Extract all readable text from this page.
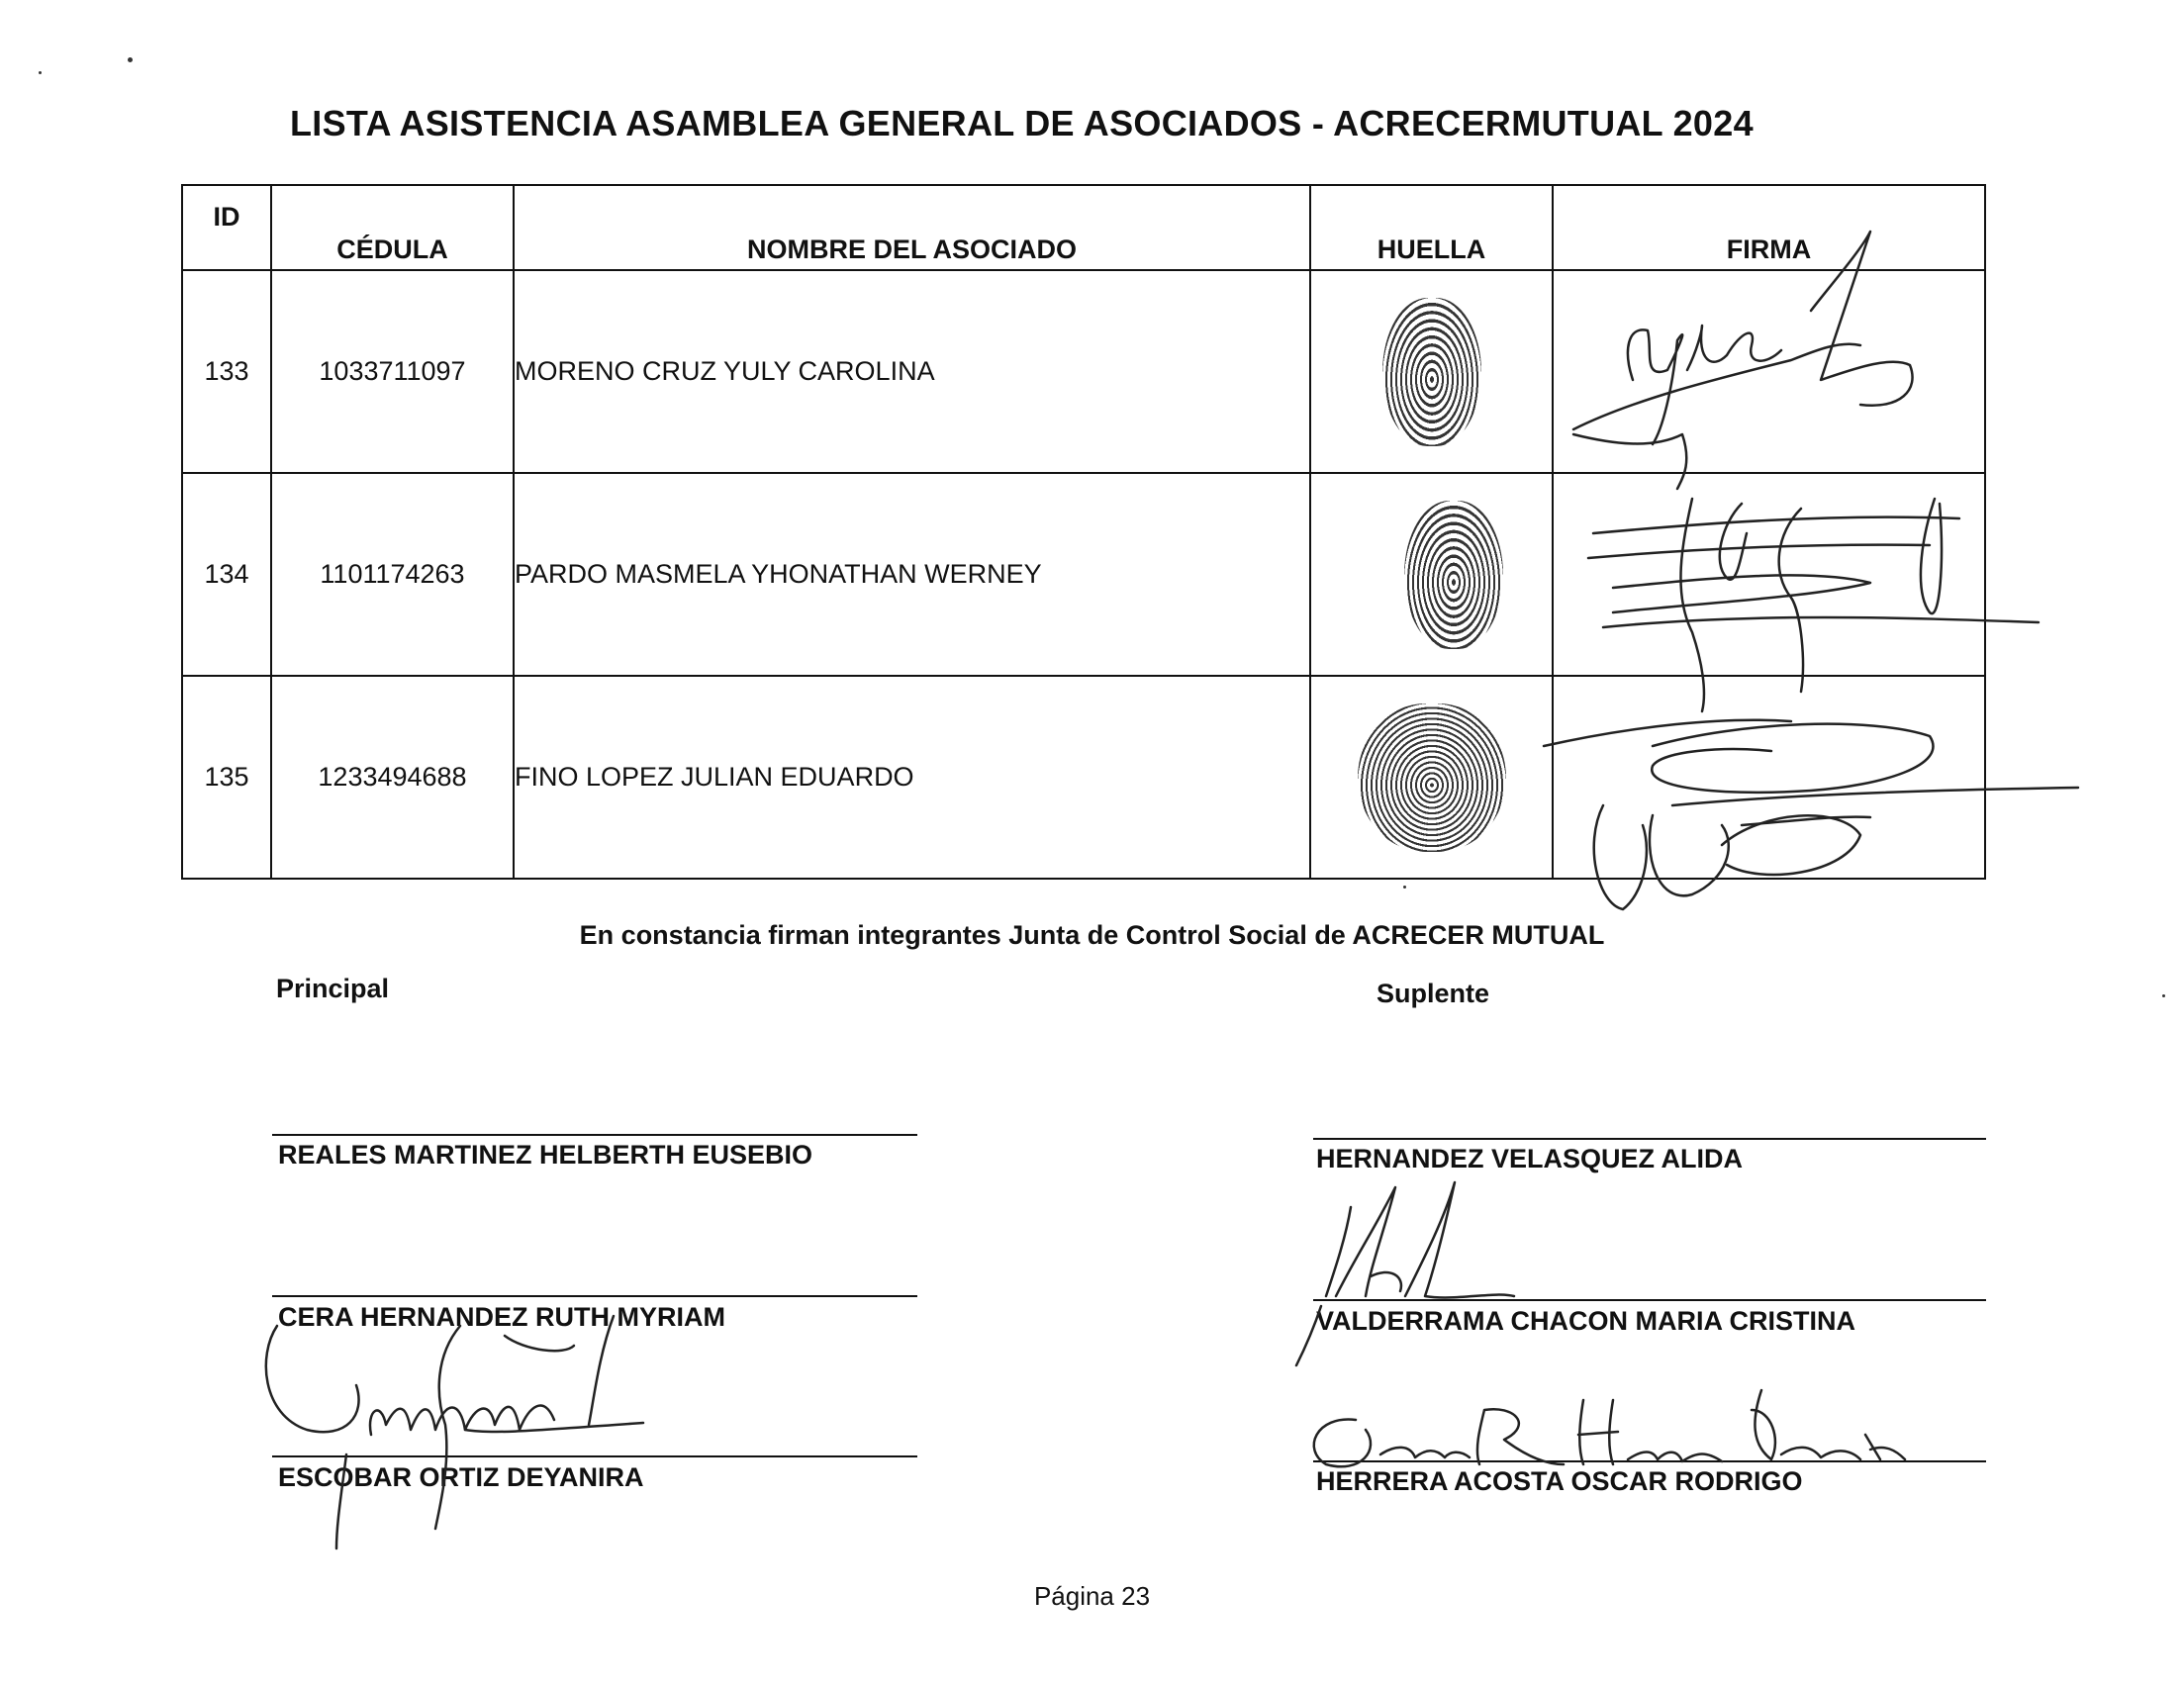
LISTA ASISTENCIA ASAMBLEA GENERAL DE ASOCIADOS - ACRECERMUTUAL 2024
ID	CÉDULA	NOMBRE DEL ASOCIADO	HUELLA	FIRMA
133	1033711097	MORENO CRUZ YULY CAROLINA	

134	1101174263	PARDO MASMELA YHONATHAN WERNEY	

135	1233494688	FINO LOPEZ JULIAN EDUARDO	

En constancia firman integrantes Junta de Control Social de ACRECER MUTUAL
Principal	Suplente
REALES MARTINEZ HELBERTH EUSEBIO
CERA HERNANDEZ RUTH MYRIAM
ESCOBAR ORTIZ DEYANIRA
HERNANDEZ VELASQUEZ ALIDA
VALDERRAMA CHACON MARIA CRISTINA
HERRERA ACOSTA OSCAR RODRIGO
Página 23
